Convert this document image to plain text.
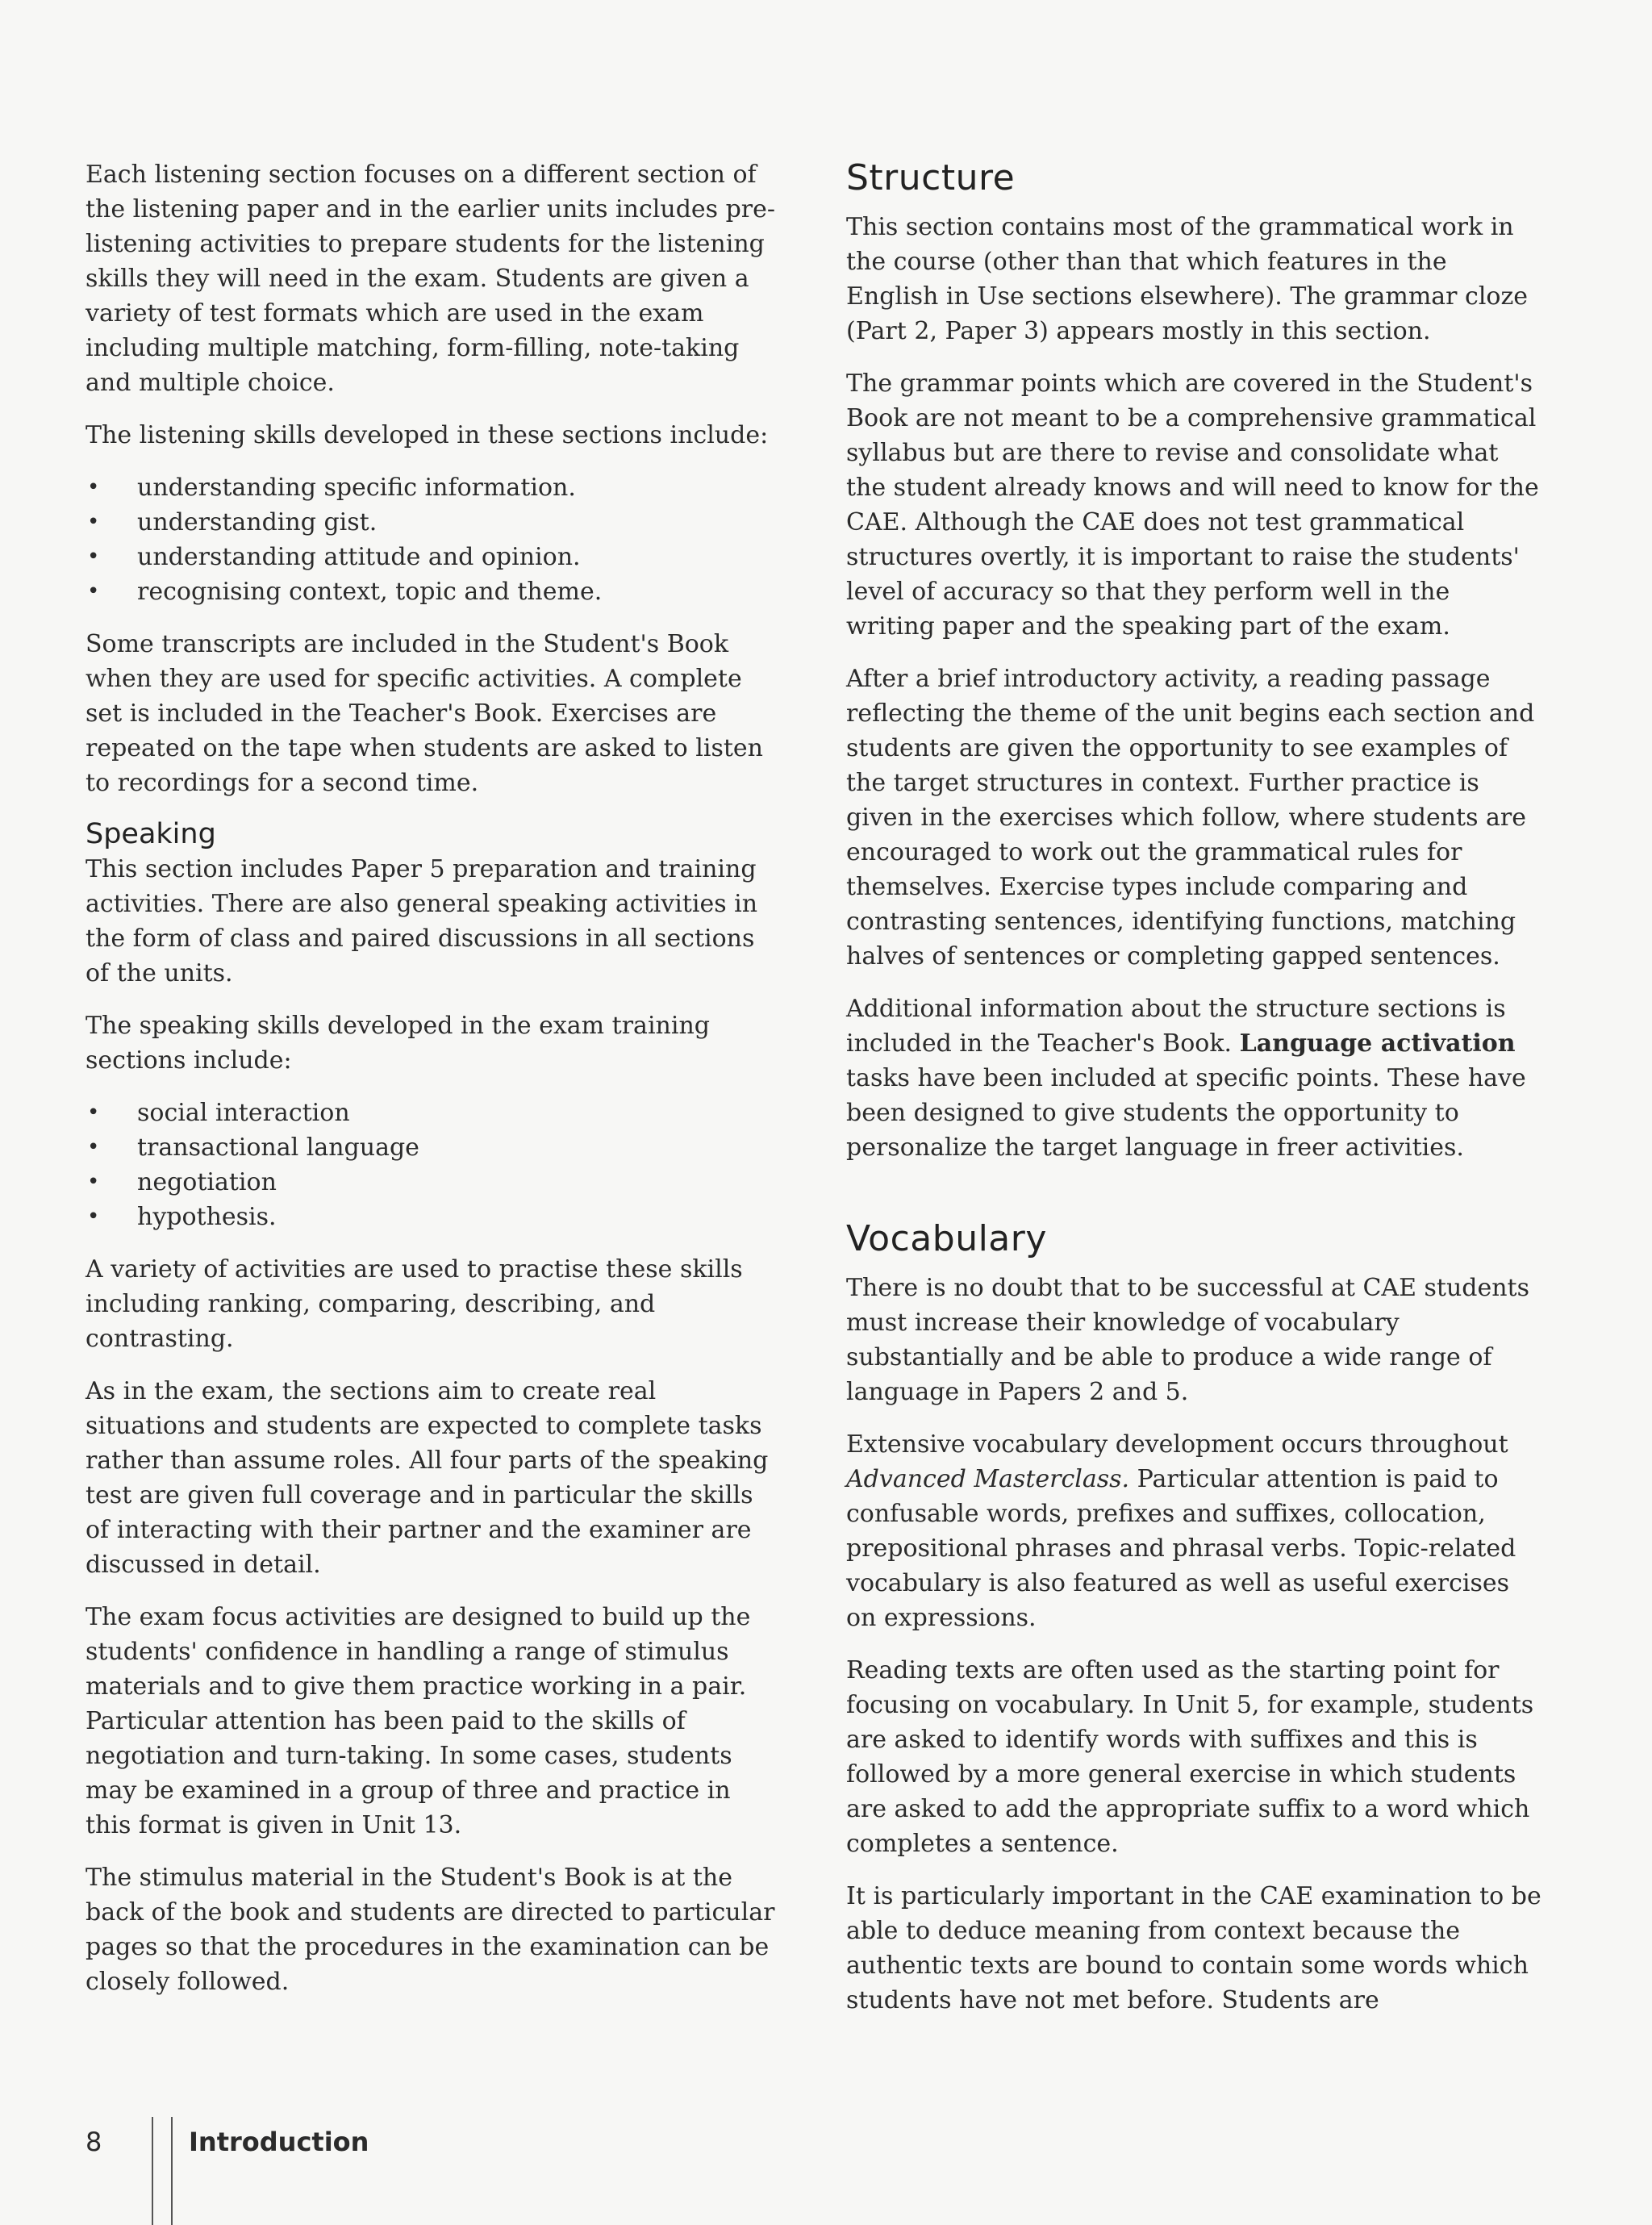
Each listening section focuses on a different section of the listening paper and in the earlier units includes pre-listening activities to prepare students for the listening skills they will need in the exam. Students are given a variety of test formats which are used in the exam including multiple matching, form-filling, note-taking and multiple choice.

The listening skills developed in these sections include:

• understanding specific information.
• understanding gist.
• understanding attitude and opinion.
• recognising context, topic and theme.

Some transcripts are included in the Student's Book when they are used for specific activities. A complete set is included in the Teacher's Book. Exercises are repeated on the tape when students are asked to listen to recordings for a second time.

Speaking

This section includes Paper 5 preparation and training activities. There are also general speaking activities in the form of class and paired discussions in all sections of the units.

The speaking skills developed in the exam training sections include:

• social interaction
• transactional language
• negotiation
• hypothesis.

A variety of activities are used to practise these skills including ranking, comparing, describing, and contrasting.

As in the exam, the sections aim to create real situations and students are expected to complete tasks rather than assume roles. All four parts of the speaking test are given full coverage and in particular the skills of interacting with their partner and the examiner are discussed in detail.

The exam focus activities are designed to build up the students' confidence in handling a range of stimulus materials and to give them practice working in a pair. Particular attention has been paid to the skills of negotiation and turn-taking. In some cases, students may be examined in a group of three and practice in this format is given in Unit 13.

The stimulus material in the Student's Book is at the back of the book and students are directed to particular pages so that the procedures in the examination can be closely followed.

Structure

This section contains most of the grammatical work in the course (other than that which features in the English in Use sections elsewhere). The grammar cloze (Part 2, Paper 3) appears mostly in this section.

The grammar points which are covered in the Student's Book are not meant to be a comprehensive grammatical syllabus but are there to revise and consolidate what the student already knows and will need to know for the CAE. Although the CAE does not test grammatical structures overtly, it is important to raise the students' level of accuracy so that they perform well in the writing paper and the speaking part of the exam.

After a brief introductory activity, a reading passage reflecting the theme of the unit begins each section and students are given the opportunity to see examples of the target structures in context. Further practice is given in the exercises which follow, where students are encouraged to work out the grammatical rules for themselves. Exercise types include comparing and contrasting sentences, identifying functions, matching halves of sentences or completing gapped sentences.

Additional information about the structure sections is included in the Teacher's Book. Language activation tasks have been included at specific points. These have been designed to give students the opportunity to personalize the target language in freer activities.

Vocabulary

There is no doubt that to be successful at CAE students must increase their knowledge of vocabulary substantially and be able to produce a wide range of language in Papers 2 and 5.

Extensive vocabulary development occurs throughout Advanced Masterclass. Particular attention is paid to confusable words, prefixes and suffixes, collocation, prepositional phrases and phrasal verbs. Topic-related vocabulary is also featured as well as useful exercises on expressions.

Reading texts are often used as the starting point for focusing on vocabulary. In Unit 5, for example, students are asked to identify words with suffixes and this is followed by a more general exercise in which students are asked to add the appropriate suffix to a word which completes a sentence.

It is particularly important in the CAE examination to be able to deduce meaning from context because the authentic texts are bound to contain some words which students have not met before. Students are

8	Introduction
